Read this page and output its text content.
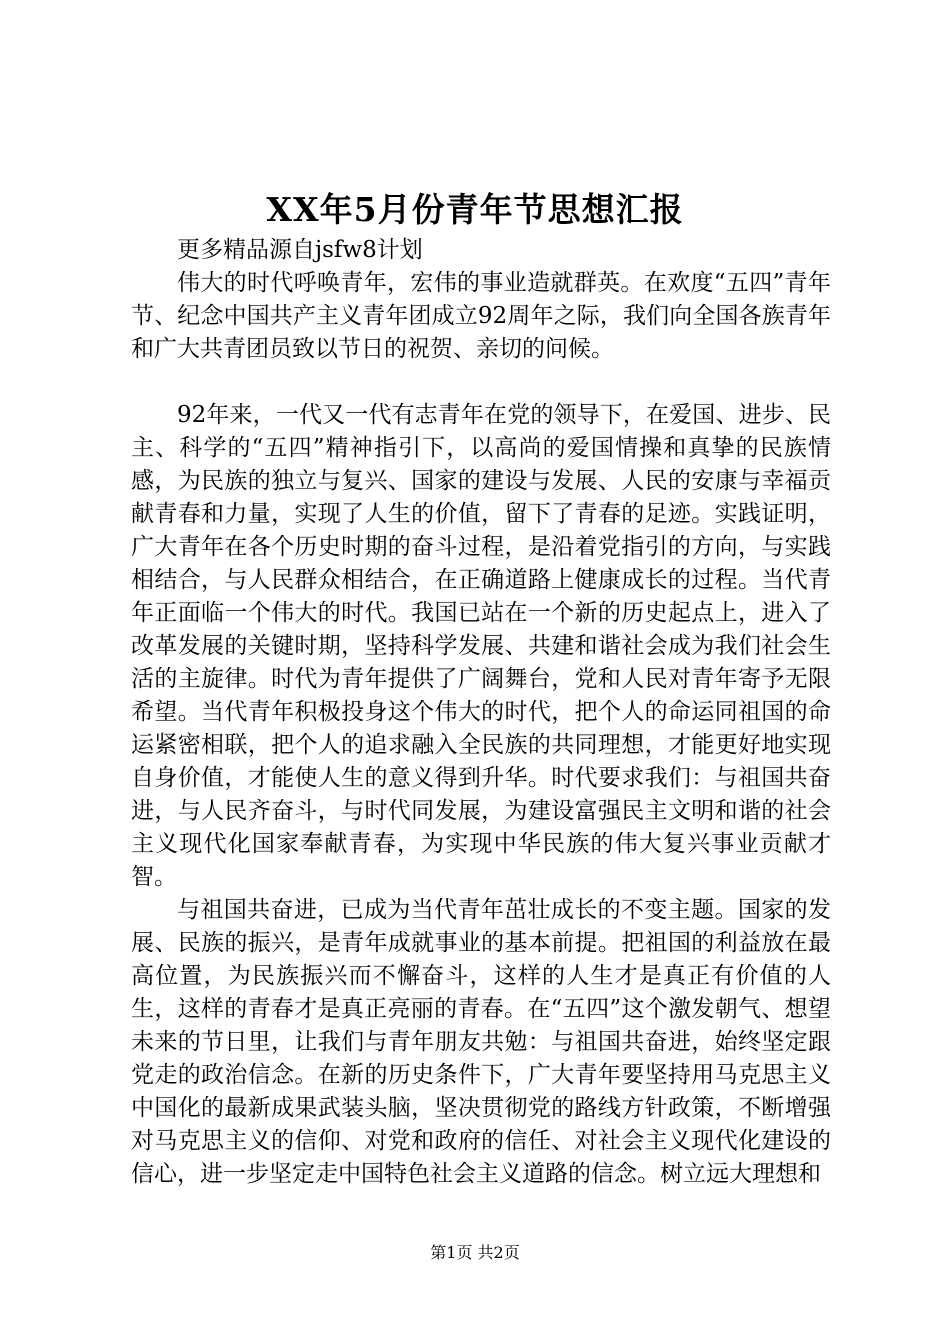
XX年5月份青年节思想汇报

更多精品源自jsfw8计划

伟大的时代呼唤青年，宏伟的事业造就群英。在欢度“五四”青年节、纪念中国共产主义青年团成立92周年之际，我们向全国各族青年和广大共青团员致以节日的祝贺、亲切的问候。

92年来，一代又一代有志青年在党的领导下，在爱国、进步、民主、科学的“五四”精神指引下，以高尚的爱国情操和真挚的民族情感，为民族的独立与复兴、国家的建设与发展、人民的安康与幸福贡献青春和力量，实现了人生的价值，留下了青春的足迹。实践证明，广大青年在各个历史时期的奋斗过程，是沿着党指引的方向，与实践相结合，与人民群众相结合，在正确道路上健康成长的过程。当代青年正面临一个伟大的时代。我国已站在一个新的历史起点上，进入了改革发展的关键时期，坚持科学发展、共建和谐社会成为我们社会生活的主旋律。时代为青年提供了广阔舞台，党和人民对青年寄予无限希望。当代青年积极投身这个伟大的时代，把个人的命运同祖国的命运紧密相联，把个人的追求融入全民族的共同理想，才能更好地实现自身价值，才能使人生的意义得到升华。时代要求我们：与祖国共奋进，与人民齐奋斗，与时代同发展，为建设富强民主文明和谐的社会主义现代化国家奉献青春，为实现中华民族的伟大复兴事业贡献才智。

与祖国共奋进，已成为当代青年茁壮成长的不变主题。国家的发展、民族的振兴，是青年成就事业的基本前提。把祖国的利益放在最高位置，为民族振兴而不懈奋斗，这样的人生才是真正有价值的人生，这样的青春才是真正亮丽的青春。在“五四”这个激发朝气、想望未来的节日里，让我们与青年朋友共勉：与祖国共奋进，始终坚定跟党走的政治信念。在新的历史条件下，广大青年要坚持用马克思主义中国化的最新成果武装头脑，坚决贯彻党的路线方针政策，不断增强对马克思主义的信仰、对党和政府的信任、对社会主义现代化建设的信心，进一步坚定走中国特色社会主义道路的信念。树立远大理想和

第1页 共2页
